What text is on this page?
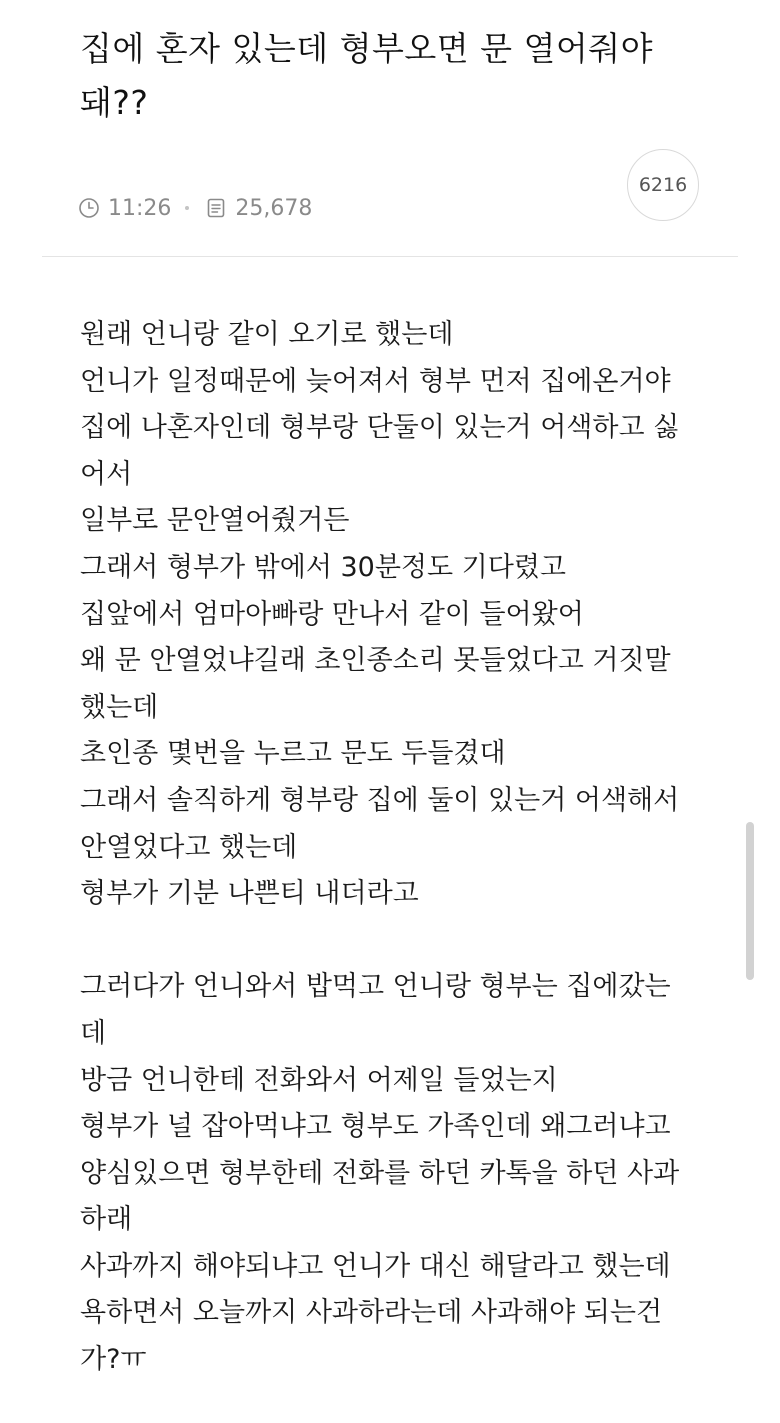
집에 혼자 있는데 형부오면 문 열어줘야
돼??
11:26	25,678
6216
원래 언니랑 같이 오기로 했는데
언니가 일정때문에 늦어져서 형부 먼저 집에온거야
집에 나혼자인데 형부랑 단둘이 있는거 어색하고 싫
어서
일부로 문안열어줬거든
그래서 형부가 밖에서 30분정도 기다렸고
집앞에서 엄마아빠랑 만나서 같이 들어왔어
왜 문 안열었냐길래 초인종소리 못들었다고 거짓말
했는데
초인종 몇번을 누르고 문도 두들겼대
그래서 솔직하게 형부랑 집에 둘이 있는거 어색해서
안열었다고 했는데
형부가 기분 나쁜티 내더라고
그러다가 언니와서 밥먹고 언니랑 형부는 집에갔는
데
방금 언니한테 전화와서 어제일 들었는지
형부가 널 잡아먹냐고 형부도 가족인데 왜그러냐고
양심있으면 형부한테 전화를 하던 카톡을 하던 사과
하래
사과까지 해야되냐고 언니가 대신 해달라고 했는데
욕하면서 오늘까지 사과하라는데 사과해야 되는건
가?ㅠ
